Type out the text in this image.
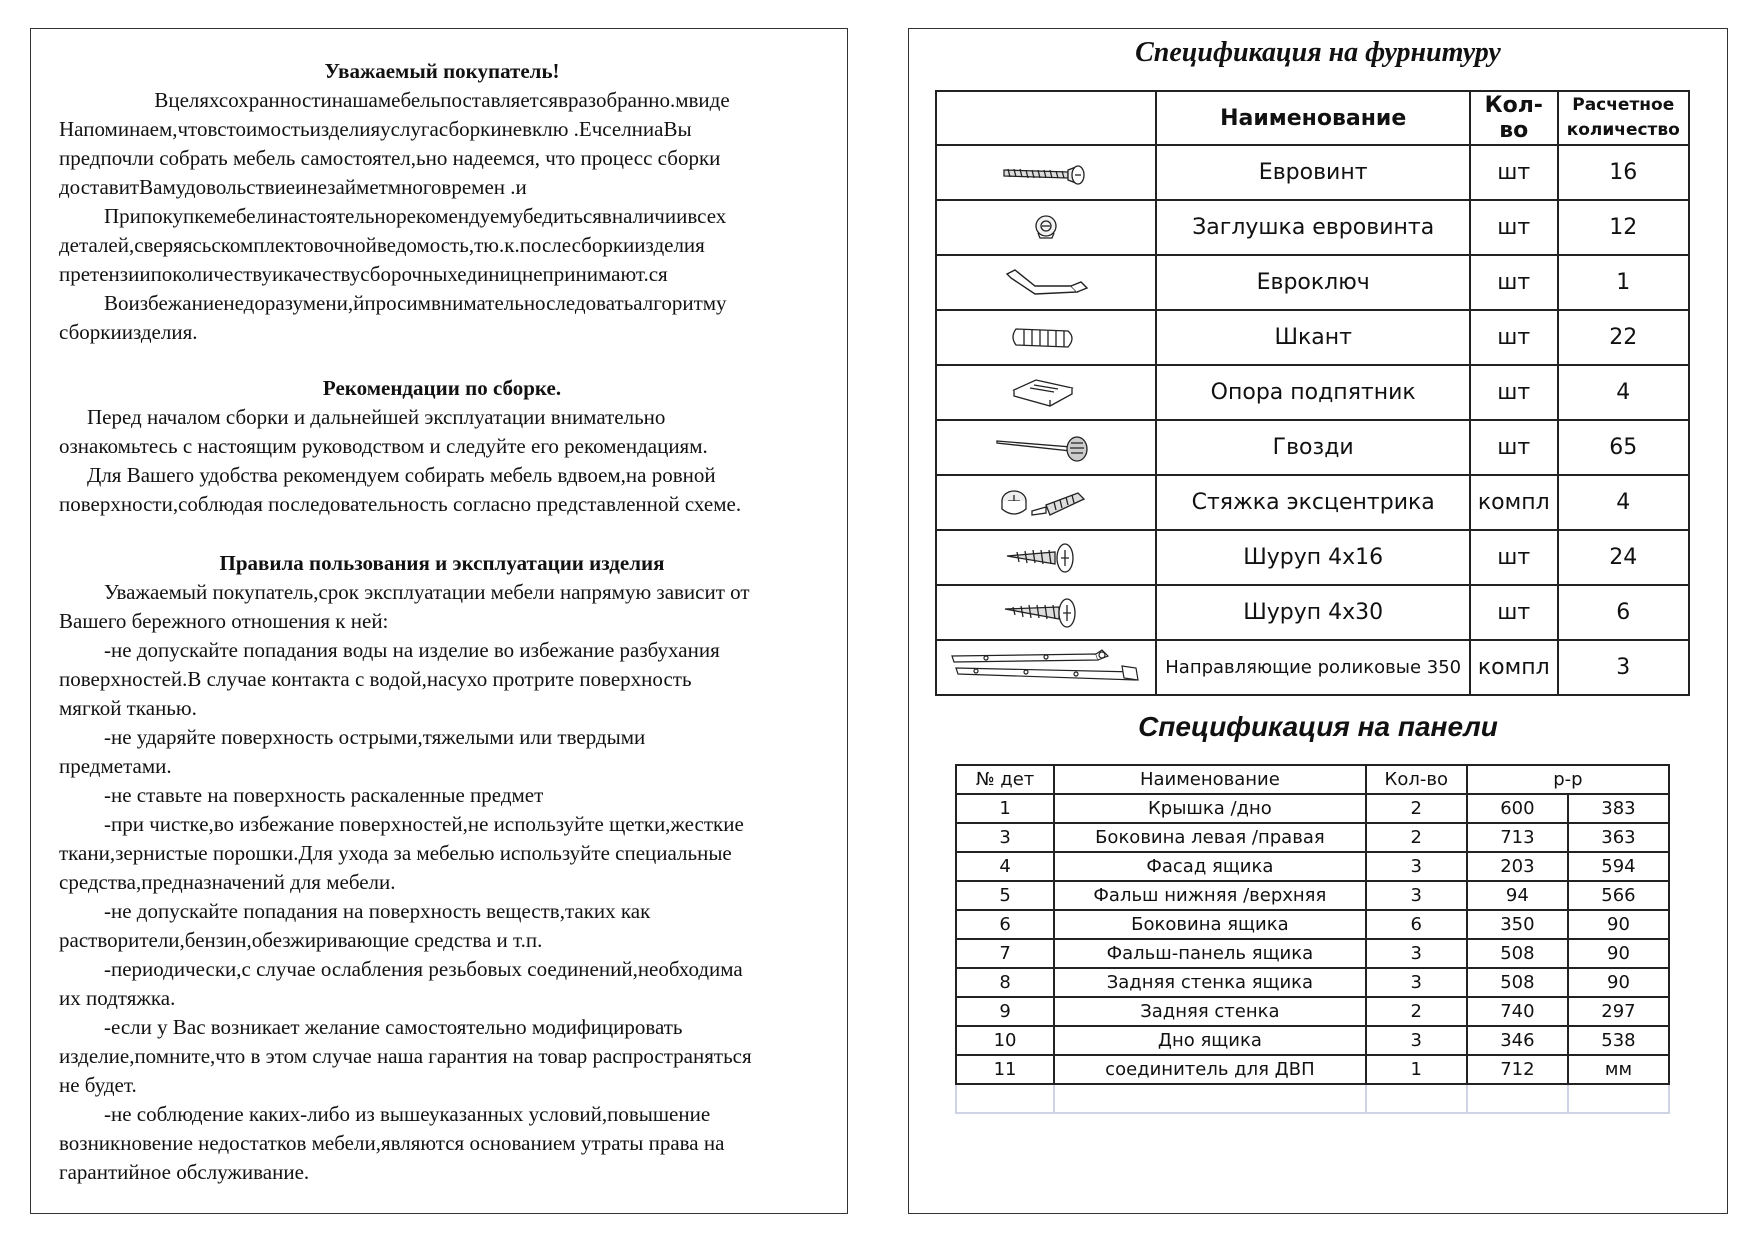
Уважаемый покупатель!

Вцеляхсохранностинашамебельпоставляетсявразобранно.мвиде

Напоминаем,чтовстоимостьизделияуслугасборкиневклю .ЕчселниаВы

предпочли собрать мебель самостоятел,ьно надеемся, что процесс сборки

доставитВамудовольствиеинезайметмноговремен .и

Припокупкемебелинастоятельнорекомендуемубедитьсявналичиивсех

деталей,сверяясьскомплектовочнойведомость,тю.к.послесборкиизделия

претензиипоколичествуикачествусборочныхединицнепринимают.ся

Воизбежаниенедоразумени,йпросимвнимательноследоватьалгоритму

сборкиизделия.

Рекомендации по сборке.

Перед началом сборки и дальнейшей эксплуатации внимательно

ознакомьтесь с настоящим руководством и следуйте его рекомендациям.

Для Вашего удобства рекомендуем собирать мебель вдвоем,на ровной

поверхности,соблюдая последовательность согласно представленной схеме.

Правила пользования и эксплуатации изделия

Уважаемый покупатель,срок эксплуатации мебели напрямую зависит от

Вашего бережного отношения к ней:

-не допускайте попадания воды на изделие во избежание разбухания

поверхностей.В случае контакта с водой,насухо протрите поверхность

мягкой тканью.

-не ударяйте поверхность острыми,тяжелыми или твердыми

предметами.

-не ставьте на поверхность раскаленные предмет

-при чистке,во избежание поверхностей,не используйте щетки,жесткие

ткани,зернистые порошки.Для ухода за мебелью используйте специальные

средства,предназначений для мебели.

-не допускайте попадания на поверхность веществ,таких как

растворители,бензин,обезжиривающие средства и т.п.

-периодически,с случае ослабления резьбовых соединений,необходима

их подтяжка.

-если у Вас возникает желание самостоятельно модифицировать

изделие,помните,что в этом случае наша гарантия на товар распространяться

не будет.

-не соблюдение каких-либо из вышеуказанных условий,повышение

возникновение недостатков мебели,являются основанием утраты права на

гарантийное обслуживание.

Спецификация на фурнитуру
	Наименование	Кол-во	Расчетное
количество

	Евровинт	шт	16

	Заглушка евровинта	шт	12

	Евроключ	шт	1

	Шкант	шт	22

	Опора подпятник	шт	4

	Гвозди	шт	65

	Стяжка эксцентрика	компл	4

	Шуруп 4х16	шт	24

	Шуруп 4х30	шт	6

	Направляющие роликовые 350	компл	3
Спецификация на панели
№ дет	Наименование	Кол-во	р-р	
1	Крышка /дно	2	600	383
3	Боковина левая /правая	2	713	363
4	Фасад ящика	3	203	594
5	Фальш нижняя /верхняя	3	94	566
6	Боковина ящика	6	350	90
7	Фальш-панель ящика	3	508	90
8	Задняя стенка ящика	3	508	90
9	Задняя стенка	2	740	297
10	Дно ящика	3	346	538
11	соединитель для ДВП	1	712	мм
